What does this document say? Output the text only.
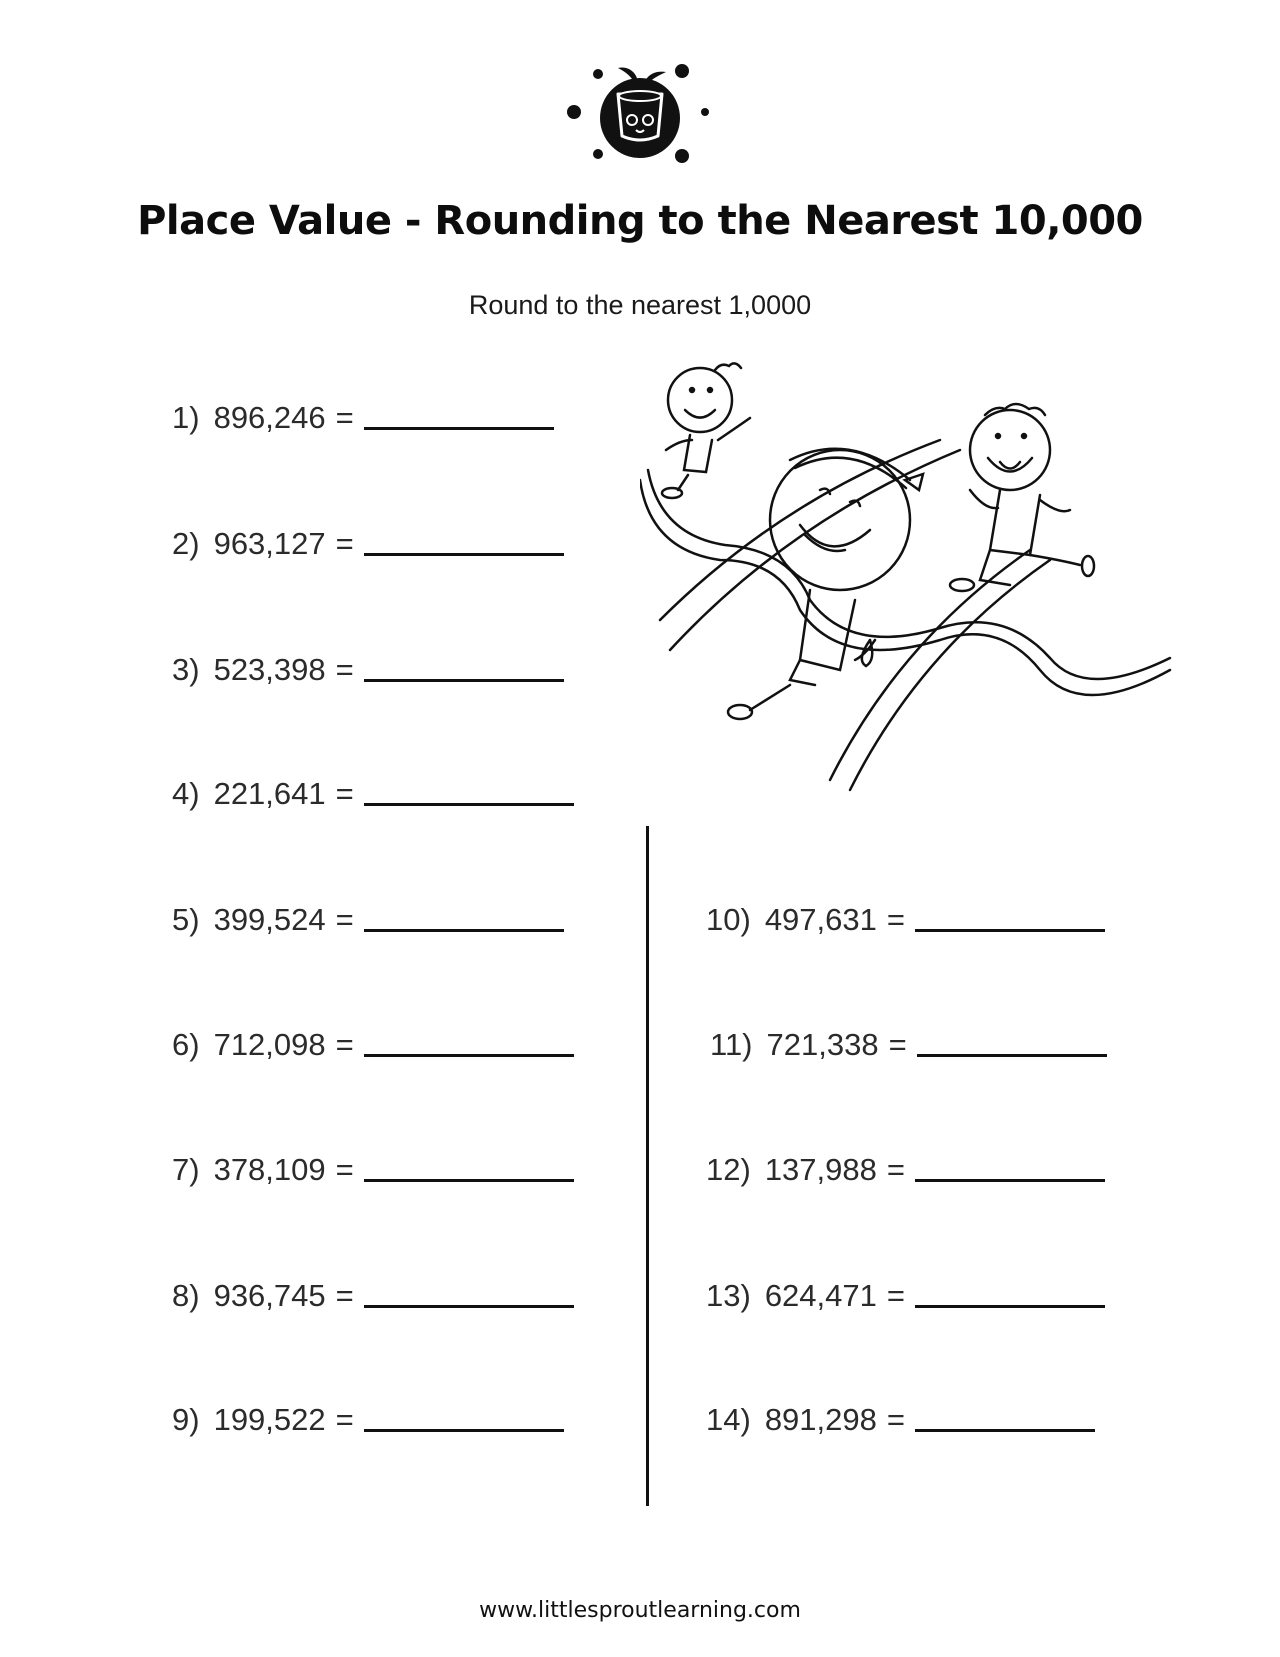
Place Value - Rounding to the Nearest 10,000
Round to the nearest 1,0000
1) 896,246 =
2) 963,127 =
3) 523,398 =
4) 221,641 =
5) 399,524 =
6) 712,098 =
7) 378,109 =
8) 936,745 =
9) 199,522 =
10) 497,631 =
11) 721,338 =
12) 137,988 =
13) 624,471 =
14) 891,298 =
www.littlesproutlearning.com
